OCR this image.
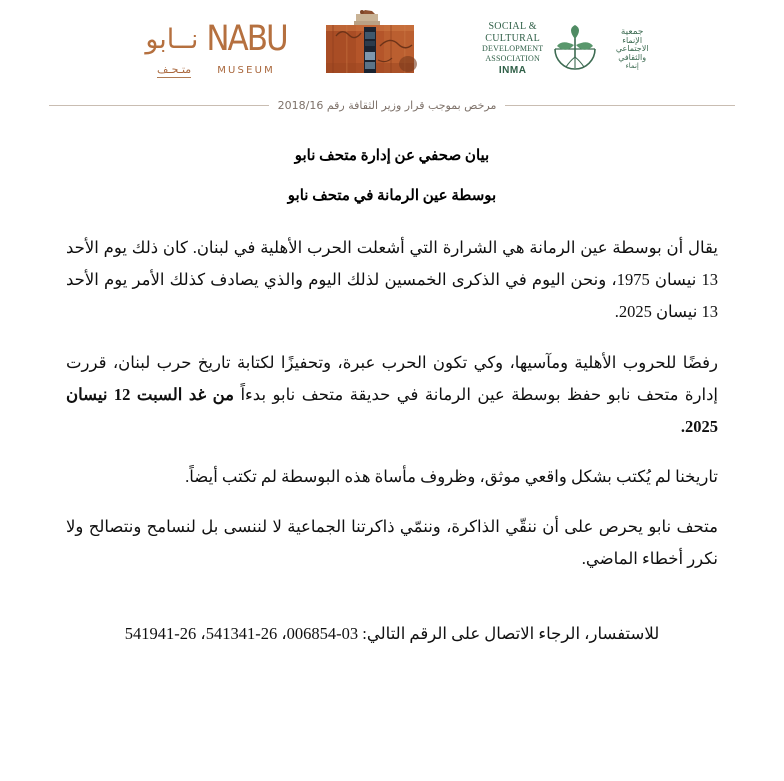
NABU
نــابو
MUSEUM
متـحـف
SOCIAL &
CULTURAL
DEVELOPMENT
ASSOCIATION
INMA
جمعية
الإنماء
الاجتماعي
والثقافي
إنماء
مرخص بموجب قرار وزير الثقافة رقم 2018/16
بيان صحفي عن إدارة متحف نابو
بوسطة عين الرمانة في متحف نابو

يقال أن بوسطة عين الرمانة هي الشرارة التي أشعلت الحرب الأهلية في لبنان. كان ذلك يوم الأحد 13 نيسان 1975، ونحن اليوم في الذكرى الخمسين لذلك اليوم والذي يصادف كذلك الأمر يوم الأحد 13 نيسان 2025.

رفضًا للحروب الأهلية ومآسيها، وكي تكون الحرب عبرة، وتحفيزًا لكتابة تاريخ حرب لبنان، قررت إدارة متحف نابو حفظ بوسطة عين الرمانة في حديقة متحف نابو بدءاً من غد السبت 12 نيسان 2025.

تاريخنا لم يُكتب بشكل واقعي موثق، وظروف مأساة هذه البوسطة لم تكتب أيضاً.

متحف نابو يحرص على أن ننقّي الذاكرة، وننمّي ذاكرتنا الجماعية لا لننسى بل لنسامح ونتصالح ولا نكرر أخطاء الماضي.

للاستفسار، الرجاء الاتصال على الرقم التالي: 03-006854، 26-541341، 26-541941
